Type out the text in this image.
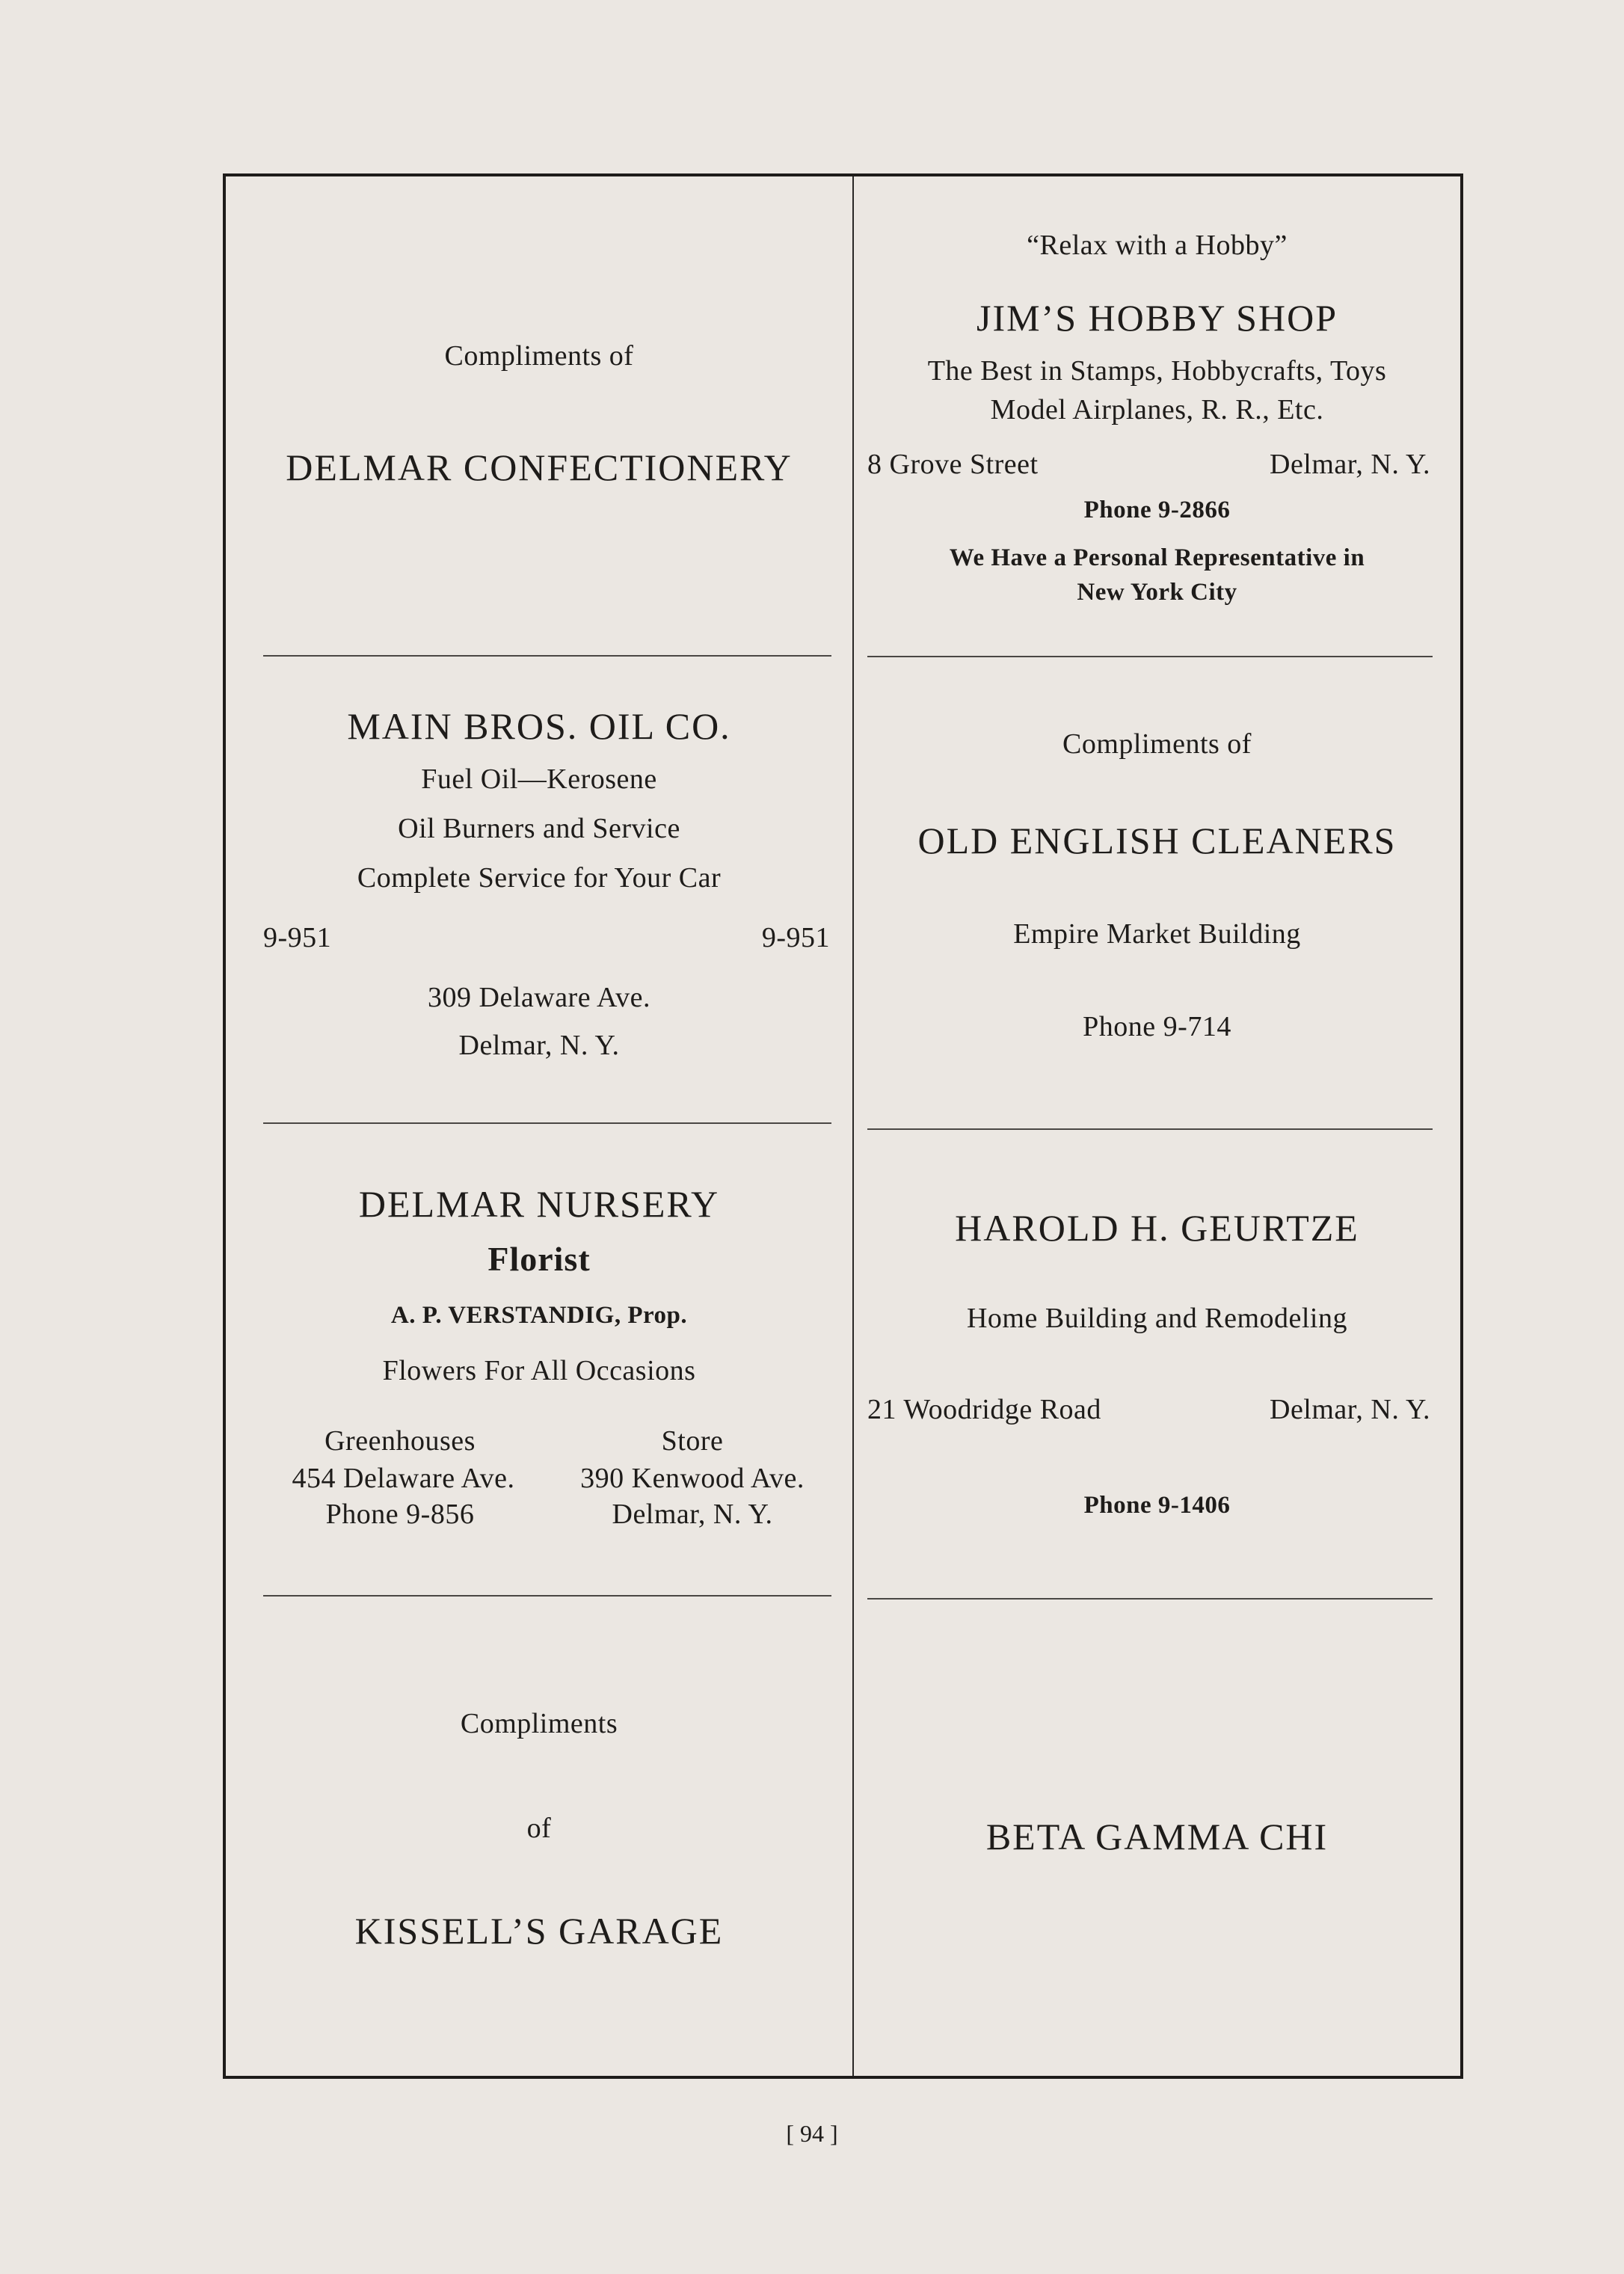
Compliments of
DELMAR CONFECTIONERY
“Relax with a Hobby”
JIM’S HOBBY SHOP
The Best in Stamps, Hobbycrafts, Toys
Model Airplanes, R. R., Etc.
8 Grove Street	Delmar, N. Y.
Phone 9-2866
We Have a Personal Representative in
New York City
MAIN BROS. OIL CO.
Fuel Oil—Kerosene
Oil Burners and Service
Complete Service for Your Car
9-951	9-951
309 Delaware Ave.
Delmar, N. Y.
Compliments of
OLD ENGLISH CLEANERS
Empire Market Building
Phone 9-714
DELMAR NURSERY
Florist
A. P. VERSTANDIG, Prop.
Flowers For All Occasions
Greenhouses
454 Delaware Ave.
Phone 9-856
Store
390 Kenwood Ave.
Delmar, N. Y.
HAROLD H. GEURTZE
Home Building and Remodeling
21 Woodridge Road	Delmar, N. Y.
Phone 9-1406
Compliments
of
KISSELL’S GARAGE
BETA GAMMA CHI
[ 94 ]
